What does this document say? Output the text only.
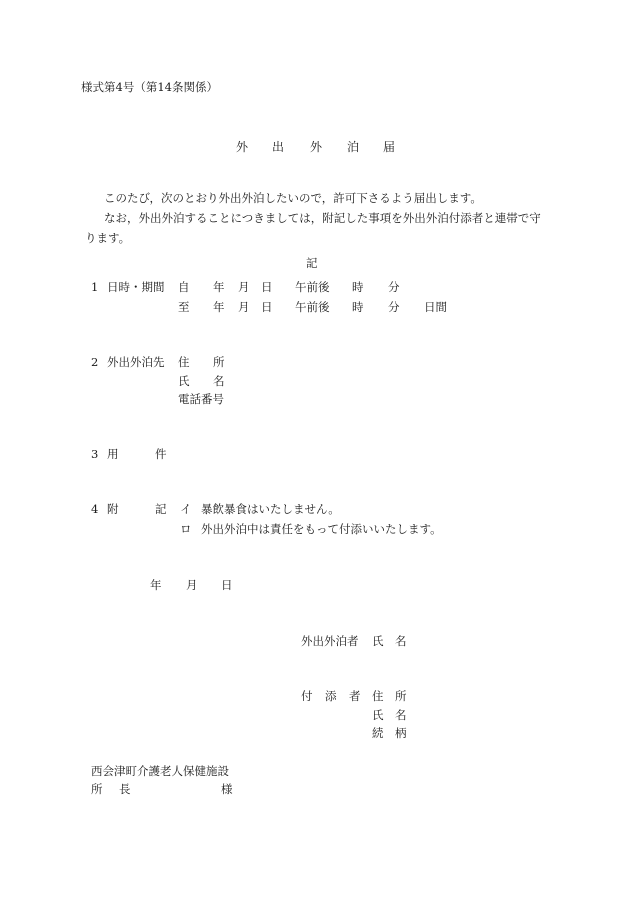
様式第4号（第14条関係）
外 出 外 泊 届
このたび，次のとおり外出外泊したいので，許可下さるよう届出します。
なお，外出外泊することにつきましては，附記した事項を外出外泊付添者と連帯で守
ります。
記
1 日時・期間 自 年 月 日 午前後 時 分
至 年 月 日 午前後 時 分 日間
2 外出外泊先 住 所
氏 名
電話番号
3 用	件
4 附	記 イ 暴飲暴食はいたしません。
ロ 外出外泊中は責任をもって付添いいたします。
年 月 日
外出外泊者 氏 名
付 添 者 住 所
氏 名
続 柄
西会津町介護老人保健施設
所 長	様
